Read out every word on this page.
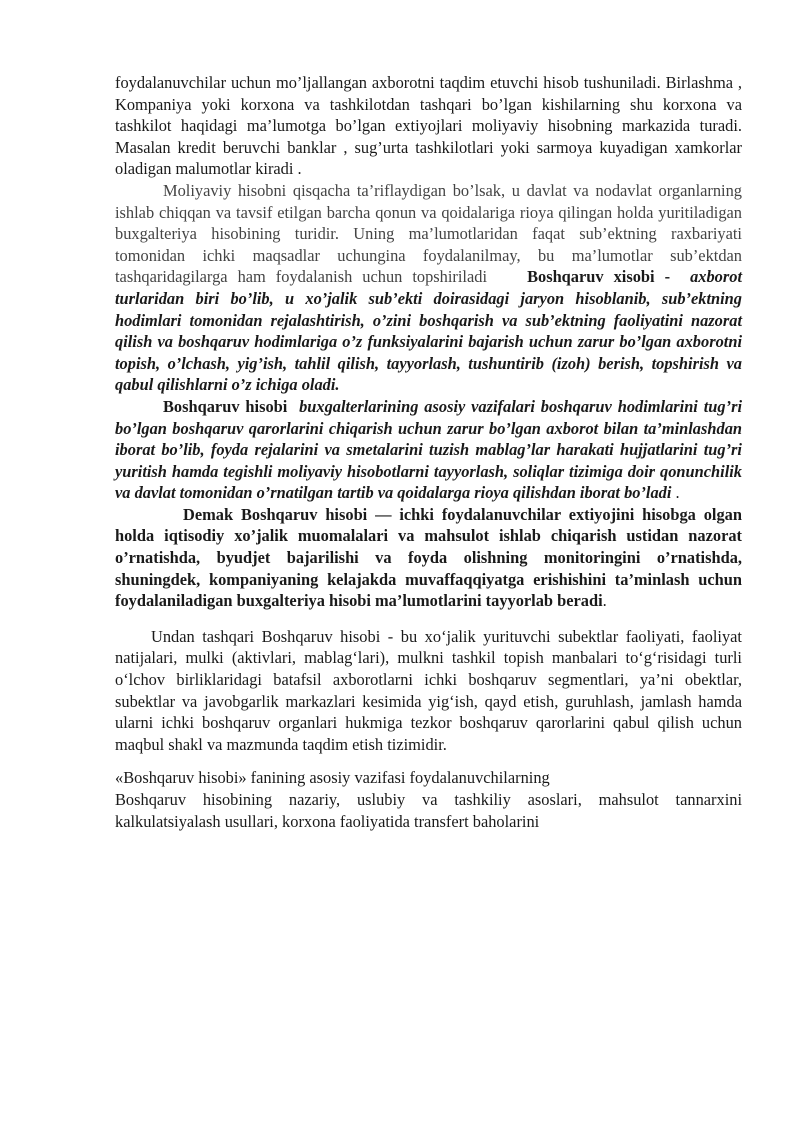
foydalanuvchilar uchun mo’ljallangan axborotni taqdim etuvchi hisob tushuniladi. Birlashma , Kompaniya yoki korxona va tashkilotdan tashqari bo’lgan kishilarning shu korxona va tashkilot haqidagi ma’lumotga bo’lgan extiyojlari moliyaviy hisobning markazida turadi. Masalan kredit beruvchi banklar , sug’urta tashkilotlari yoki sarmoya kuyadigan xamkorlar oladigan malumotlar kiradi .

Moliyaviy hisobni qisqacha ta’riflaydigan bo’lsak, u davlat va nodavlat organlarning ishlab chiqqan va tavsif etilgan barcha qonun va qoidalariga rioya qilingan holda yuritiladigan buxgalteriya hisobining turidir. Uning ma’lumotlaridan faqat sub’ektning raxbariyati tomonidan ichki maqsadlar uchungina foydalanilmay, bu ma’lumotlar sub’ektdan tashqaridagilarga ham foydalanish uchun topshiriladi Boshqaruv xisobi - axborot turlaridan biri bo’lib, u xo’jalik sub’ekti doirasidagi jaryon hisoblanib, sub’ektning hodimlari tomonidan rejalashtirish, o’zini boshqarish va sub’ektning faoliyatini nazorat qilish va boshqaruv hodimlariga o’z funksiyalarini bajarish uchun zarur bo’lgan axborotni topish, o’lchash, yig’ish, tahlil qilish, tayyorlash, tushuntirib (izoh) berish, topshirish va qabul qilishlarni o’z ichiga oladi.

Boshqaruv hisobi buxgalterlarining asosiy vazifalari boshqaruv hodimlarini tug’ri bo’lgan boshqaruv qarorlarini chiqarish uchun zarur bo’lgan axborot bilan ta’minlashdan iborat bo’lib, foyda rejalarini va smetalarini tuzish mablag’lar harakati hujjatlarini tug’ri yuritish hamda tegishli moliyaviy hisobotlarni tayyorlash, soliqlar tizimiga doir qonunchilik va davlat tomonidan o’rnatilgan tartib va qoidalarga rioya qilishdan iborat bo’ladi .

Demak Boshqaruv hisobi — ichki foydalanuvchilar extiyojini hisobga olgan holda iqtisodiy xo’jalik muomalalari va mahsulot ishlab chiqarish ustidan nazorat o’rnatishda, byudjet bajarilishi va foyda olishning monitoringini o’rnatishda, shuningdek, kompaniyaning kelajakda muvaffaqqiyatga erishishini ta’minlash uchun foydalaniladigan buxgalteriya hisobi ma’lumotlarini tayyorlab beradi.

Undan tashqari Boshqaruv hisobi - bu xo‘jalik yurituvchi subektlar faoliyati, faoliyat natijalari, mulki (aktivlari, mablag‘lari), mulkni tashkil topish manbalari to‘g‘risidagi turli o‘lchov birliklaridagi batafsil axborotlarni ichki boshqaruv segmentlari, ya’ni obektlar, subektlar va javobgarlik markazlari kesimida yig‘ish, qayd etish, guruhlash, jamlash hamda ularni ichki boshqaruv organlari hukmiga tezkor boshqaruv qarorlarini qabul qilish uchun maqbul shakl va mazmunda taqdim etish tizimidir.

«Boshqaruv hisobi» fanining asosiy vazifasi foydalanuvchilarning

Boshqaruv hisobining nazariy, uslubiy va tashkiliy asoslari, mahsulot tannarxini kalkulatsiyalash usullari, korxona faoliyatida transfert baholarini
